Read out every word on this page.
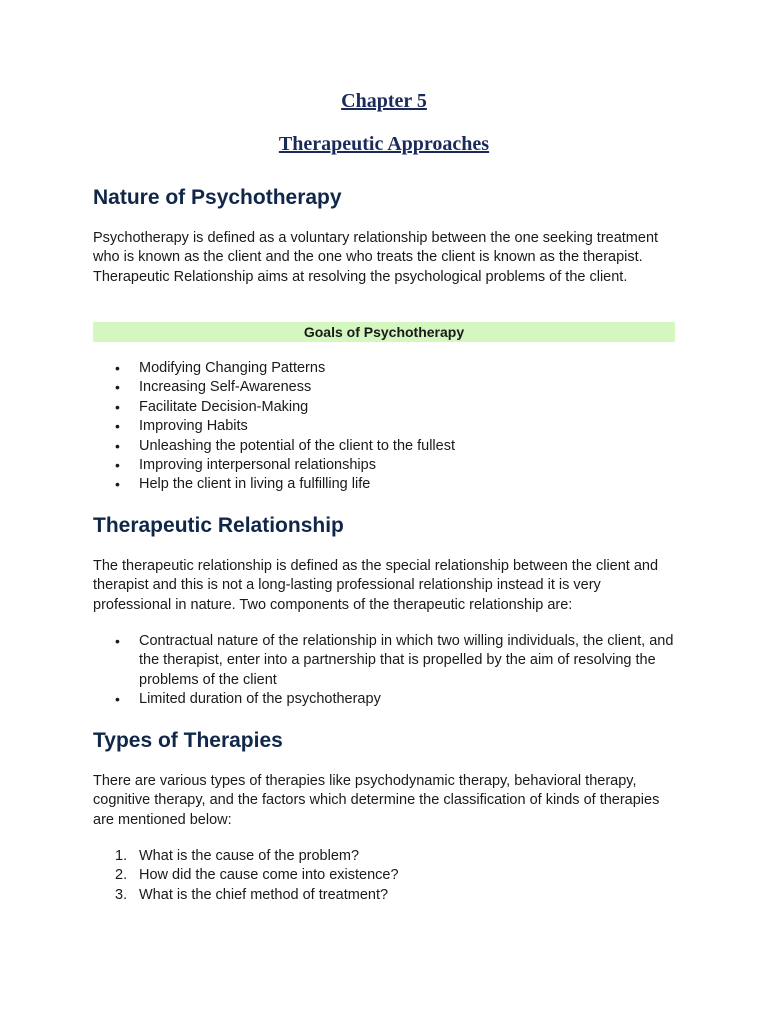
Chapter 5
Therapeutic Approaches
Nature of Psychotherapy

Psychotherapy is defined as a voluntary relationship between the one seeking treatment who is known as the client and the one who treats the client is known as the therapist. Therapeutic Relationship aims at resolving the psychological problems of the client.

Goals of Psychotherapy
• Modifying Changing Patterns
• Increasing Self-Awareness
• Facilitate Decision-Making
• Improving Habits
• Unleashing the potential of the client to the fullest
• Improving interpersonal relationships
• Help the client in living a fulfilling life
Therapeutic Relationship

The therapeutic relationship is defined as the special relationship between the client and therapist and this is not a long-lasting professional relationship instead it is very professional in nature. Two components of the therapeutic relationship are:

• Contractual nature of the relationship in which two willing individuals, the client, and the therapist, enter into a partnership that is propelled by the aim of resolving the problems of the client
• Limited duration of the psychotherapy
Types of Therapies

There are various types of therapies like psychodynamic therapy, behavioral therapy, cognitive therapy, and the factors which determine the classification of kinds of therapies are mentioned below:

1. What is the cause of the problem?
2. How did the cause come into existence?
3. What is the chief method of treatment?
